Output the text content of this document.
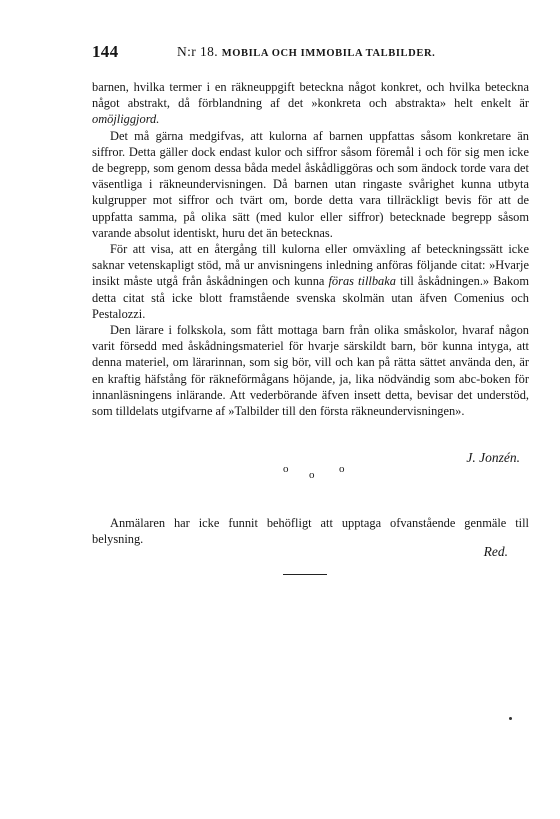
144	N:r 18. MOBILA OCH IMMOBILA TALBILDER.

barnen, hvilka termer i en räkneuppgift beteckna något konkret, och hvilka beteckna något abstrakt, då förblandning af det »konkreta och abstrakta» helt enkelt är omöjliggjord.

Det må gärna medgifvas, att kulorna af barnen uppfattas såsom konkretare än siffror. Detta gäller dock endast kulor och siffror såsom föremål i och för sig men icke de begrepp, som genom dessa båda medel åskådliggöras och som ändock torde vara det väsentliga i räkneundervisningen. Då barnen utan ringaste svårighet kunna utbyta kulgrupper mot siffror och tvärt om, borde detta vara tillräckligt bevis för att de uppfatta samma, på olika sätt (med kulor eller siffror) betecknade begrepp såsom varande absolut identiskt, huru det än betecknas.

För att visa, att en återgång till kulorna eller omväxling af beteckningssätt icke saknar vetenskapligt stöd, må ur anvisningens inledning anföras följande citat: »Hvarje insikt måste utgå från åskådningen och kunna föras tillbaka till åskådningen.» Bakom detta citat stå icke blott framstående svenska skolmän utan äfven Comenius och Pestalozzi.

Den lärare i folkskola, som fått mottaga barn från olika småskolor, hvaraf någon varit försedd med åskådningsmateriel för hvarje särskildt barn, bör kunna intyga, att denna materiel, om lärarinnan, som sig bör, vill och kan på rätta sättet använda den, är en kraftig häfstång för räkneförmågans höjande, ja, lika nödvändig som abc-boken för innanläsningens inlärande. Att vederbörande äfven insett detta, bevisar det understöd, som tilldelats utgifvarne af »Talbilder till den första räkneundervisningen».

J. Jonzén.
o o o

Anmälaren har icke funnit behöfligt att upptaga ofvanstående genmäle till belysning.

Red.
